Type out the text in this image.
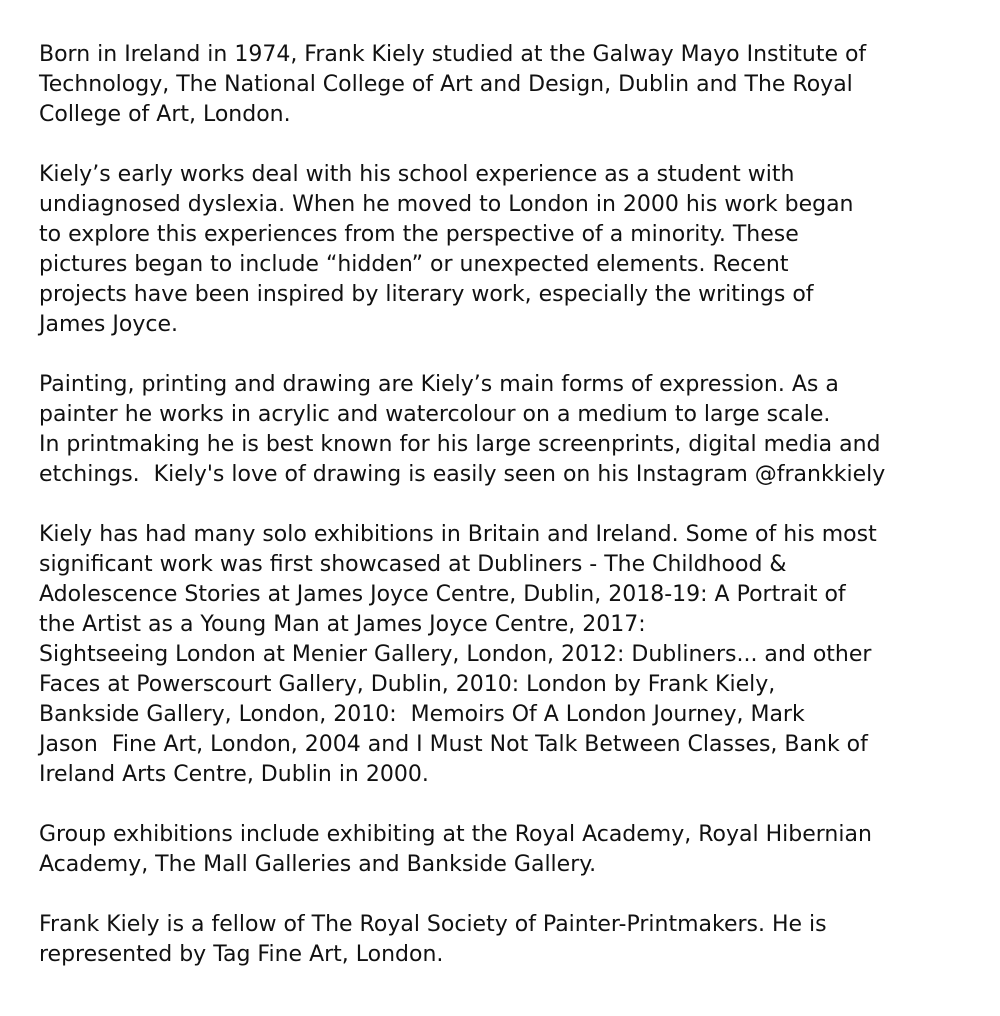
Born in Ireland in 1974, Frank Kiely studied at the Galway Mayo Institute of
Technology, The National College of Art and Design, Dublin and The Royal
College of Art, London.
Kiely’s early works deal with his school experience as a student with
undiagnosed dyslexia. When he moved to London in 2000 his work began
to explore this experiences from the perspective of a minority. These
pictures began to include “hidden” or unexpected elements. Recent
projects have been inspired by literary work, especially the writings of
James Joyce.
Painting, printing and drawing are Kiely’s main forms of expression. As a
painter he works in acrylic and watercolour on a medium to large scale.
In printmaking he is best known for his large screenprints, digital media and
etchings.  Kiely's love of drawing is easily seen on his Instagram @frankkiely
Kiely has had many solo exhibitions in Britain and Ireland. Some of his most
significant work was first showcased at Dubliners - The Childhood &
Adolescence Stories at James Joyce Centre, Dublin, 2018-19: A Portrait of
the Artist as a Young Man at James Joyce Centre, 2017:
Sightseeing London at Menier Gallery, London, 2012: Dubliners... and other
Faces at Powerscourt Gallery, Dublin, 2010: London by Frank Kiely,
Bankside Gallery, London, 2010:  Memoirs Of A London Journey, Mark
Jason  Fine Art, London, 2004 and I Must Not Talk Between Classes, Bank of
Ireland Arts Centre, Dublin in 2000.
Group exhibitions include exhibiting at the Royal Academy, Royal Hibernian
Academy, The Mall Galleries and Bankside Gallery.
Frank Kiely is a fellow of The Royal Society of Painter-Printmakers. He is
represented by Tag Fine Art, London.
